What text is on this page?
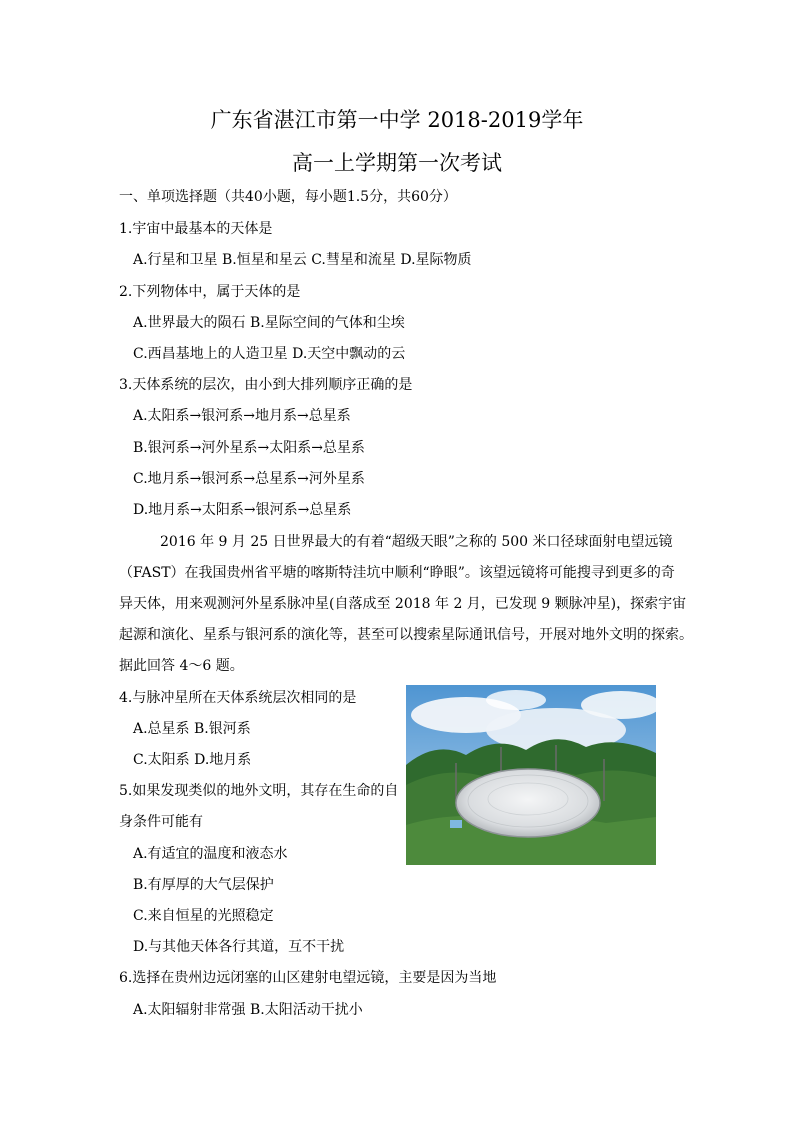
广东省湛江市第一中学 2018-2019学年
高一上学期第一次考试
一、单项选择题（共40小题，每小题1.5分，共60分）
1.宇宙中最基本的天体是
A.行星和卫星 B.恒星和星云 C.彗星和流星 D.星际物质
2.下列物体中，属于天体的是
A.世界最大的陨石 B.星际空间的气体和尘埃
C.西昌基地上的人造卫星 D.天空中飘动的云
3.天体系统的层次，由小到大排列顺序正确的是
A.太阳系→银河系→地月系→总星系
B.银河系→河外星系→太阳系→总星系
C.地月系→银河系→总星系→河外星系
D.地月系→太阳系→银河系→总星系
2016 年 9 月 25 日世界最大的有着“超级天眼”之称的 500 米口径球面射电望远镜
（FAST）在我国贵州省平塘的喀斯特洼坑中顺利“睁眼”。该望远镜将可能搜寻到更多的奇
异天体，用来观测河外星系脉冲星(自落成至 2018 年 2 月，已发现 9 颗脉冲星)，探索宇宙
起源和演化、星系与银河系的演化等，甚至可以搜索星际通讯信号，开展对地外文明的探索。
据此回答 4～6 题。
4.与脉冲星所在天体系统层次相同的是
A.总星系 B.银河系
C.太阳系 D.地月系
5.如果发现类似的地外文明，其存在生命的自
身条件可能有
A.有适宜的温度和液态水
B.有厚厚的大气层保护
C.来自恒星的光照稳定
D.与其他天体各行其道，互不干扰
6.选择在贵州边远闭塞的山区建射电望远镜，主要是因为当地
A.太阳辐射非常强 B.太阳活动干扰小
